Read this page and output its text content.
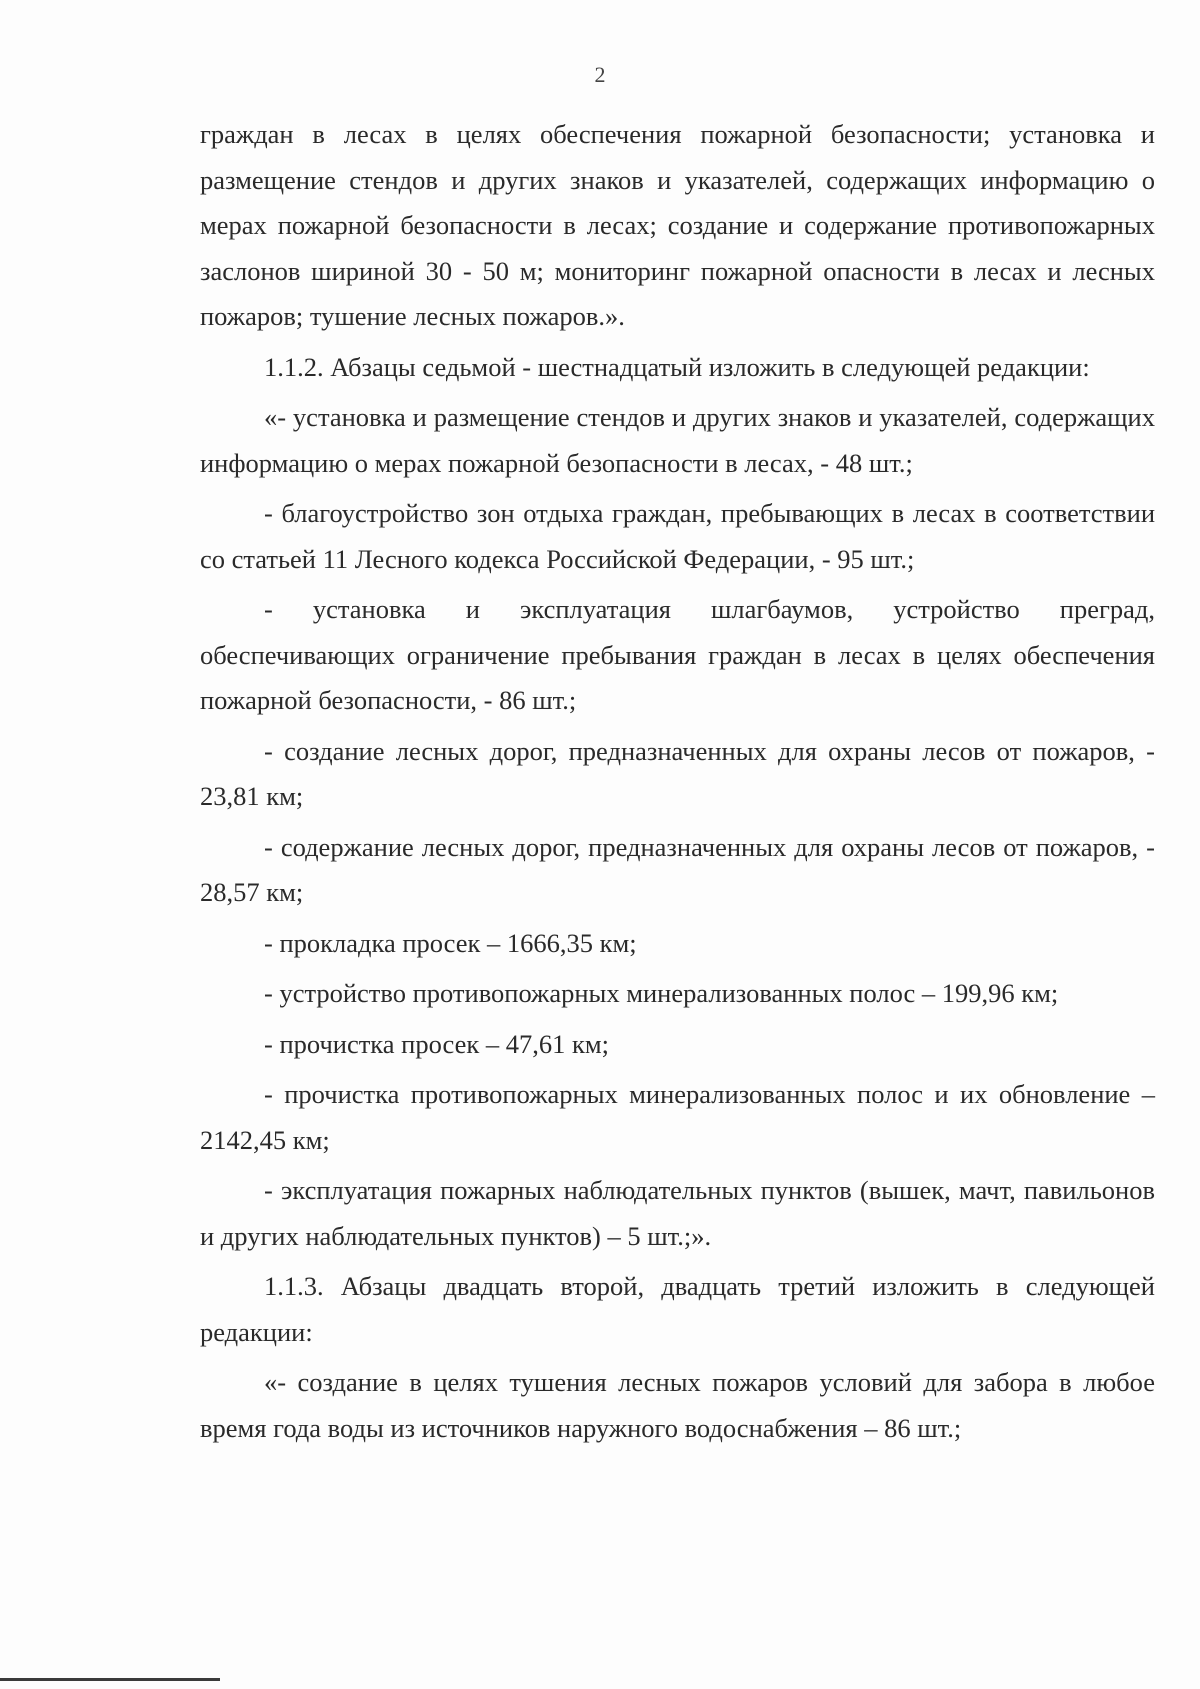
2

граждан в лесах в целях обеспечения пожарной безопасности; установка и размещение стендов и других знаков и указателей, содержащих информацию о мерах пожарной безопасности в лесах; создание и содержание противопожарных заслонов шириной 30 - 50 м; мониторинг пожарной опасности в лесах и лесных пожаров; тушение лесных пожаров.».

1.1.2. Абзацы седьмой - шестнадцатый изложить в следующей редакции:

«- установка и размещение стендов и других знаков и указателей, содержащих информацию о мерах пожарной безопасности в лесах, - 48 шт.;

- благоустройство зон отдыха граждан, пребывающих в лесах в соответствии со статьей 11 Лесного кодекса Российской Федерации, - 95 шт.;

- установка и эксплуатация шлагбаумов, устройство преград, обеспечивающих ограничение пребывания граждан в лесах в целях обеспечения пожарной безопасности, - 86 шт.;

- создание лесных дорог, предназначенных для охраны лесов от пожаров, - 23,81 км;

- содержание лесных дорог, предназначенных для охраны лесов от пожаров, - 28,57 км;

- прокладка просек – 1666,35 км;

- устройство противопожарных минерализованных полос – 199,96 км;

- прочистка просек – 47,61 км;

- прочистка противопожарных минерализованных полос и их обновление – 2142,45 км;

- эксплуатация пожарных наблюдательных пунктов (вышек, мачт, павильонов и других наблюдательных пунктов) – 5 шт.;».

1.1.3. Абзацы двадцать второй, двадцать третий изложить в следующей редакции:

«- создание в целях тушения лесных пожаров условий для забора в любое время года воды из источников наружного водоснабжения – 86 шт.;
